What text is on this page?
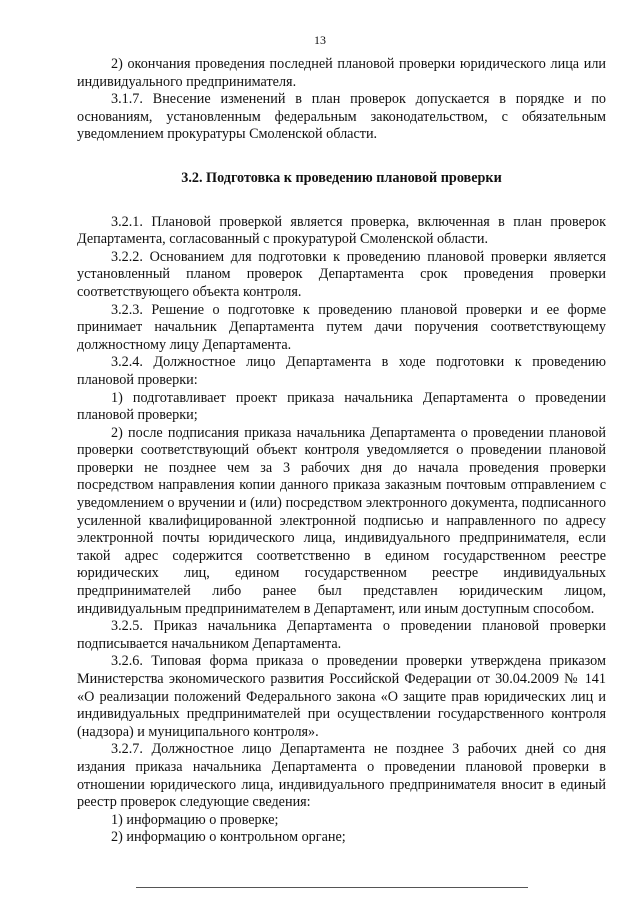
13

2) окончания проведения последней плановой проверки юридического лица или индивидуального предпринимателя.

3.1.7. Внесение изменений в план проверок допускается в порядке и по основаниям, установленным федеральным законодательством, с обязательным уведомлением прокуратуры Смоленской области.

3.2. Подготовка к проведению плановой проверки

3.2.1. Плановой проверкой является проверка, включенная в план проверок Департамента, согласованный с прокуратурой Смоленской области.

3.2.2. Основанием для подготовки к проведению плановой проверки является установленный планом проверок Департамента срок проведения проверки соответствующего объекта контроля.

3.2.3. Решение о подготовке к проведению плановой проверки и ее форме принимает начальник Департамента путем дачи поручения соответствующему должностному лицу Департамента.

3.2.4. Должностное лицо Департамента в ходе подготовки к проведению плановой проверки:

1) подготавливает проект приказа начальника Департамента о проведении плановой проверки;

2) после подписания приказа начальника Департамента о проведении плановой проверки соответствующий объект контроля уведомляется о проведении плановой проверки не позднее чем за 3 рабочих дня до начала проведения проверки посредством направления копии данного приказа заказным почтовым отправлением с уведомлением о вручении и (или) посредством электронного документа, подписанного усиленной квалифицированной электронной подписью и направленного по адресу электронной почты юридического лица, индивидуального предпринимателя, если такой адрес содержится соответственно в едином государственном реестре юридических лиц, едином государственном реестре индивидуальных предпринимателей либо ранее был представлен юридическим лицом, индивидуальным предпринимателем в Департамент, или иным доступным способом.

3.2.5. Приказ начальника Департамента о проведении плановой проверки подписывается начальником Департамента.

3.2.6. Типовая форма приказа о проведении проверки утверждена приказом Министерства экономического развития Российской Федерации от 30.04.2009 № 141 «О реализации положений Федерального закона «О защите прав юридических лиц и индивидуальных предпринимателей при осуществлении государственного контроля (надзора) и муниципального контроля».

3.2.7. Должностное лицо Департамента не позднее 3 рабочих дней со дня издания приказа начальника Департамента о проведении плановой проверки в отношении юридического лица, индивидуального предпринимателя вносит в единый реестр проверок следующие сведения:

1) информацию о проверке;

2) информацию о контрольном органе;
